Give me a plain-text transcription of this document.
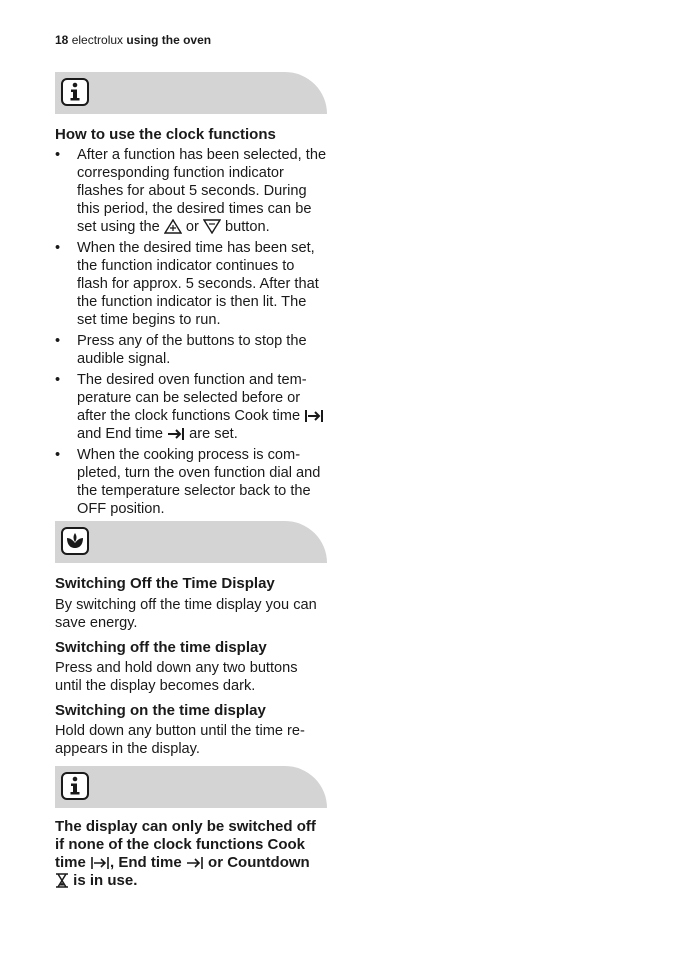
18 electrolux using the oven
How to use the clock functions
• After a function has been selected, the corresponding function indicator flashes for about 5 seconds. During this period, the desired times can be set using the or button.
• When the desired time has been set, the function indicator continues to flash for approx. 5 seconds. After that the function indicator is then lit. The set time begins to run.
• Press any of the buttons to stop the audible signal.
• The desired oven function and tem-perature can be selected before or after the clock functions Cook time  and End time are set.
• When the cooking process is com-pleted, turn the oven function dial and the temperature selector back to the OFF position.
Switching Off the Time Display

By switching off the time display you can save energy.

Switching off the time display

Press and hold down any two buttons until the display becomes dark.

Switching on the time display

Hold down any button until the time re-appears in the display.

The display can only be switched off if none of the clock functions Cook time , End time or Countdown  is in use.
